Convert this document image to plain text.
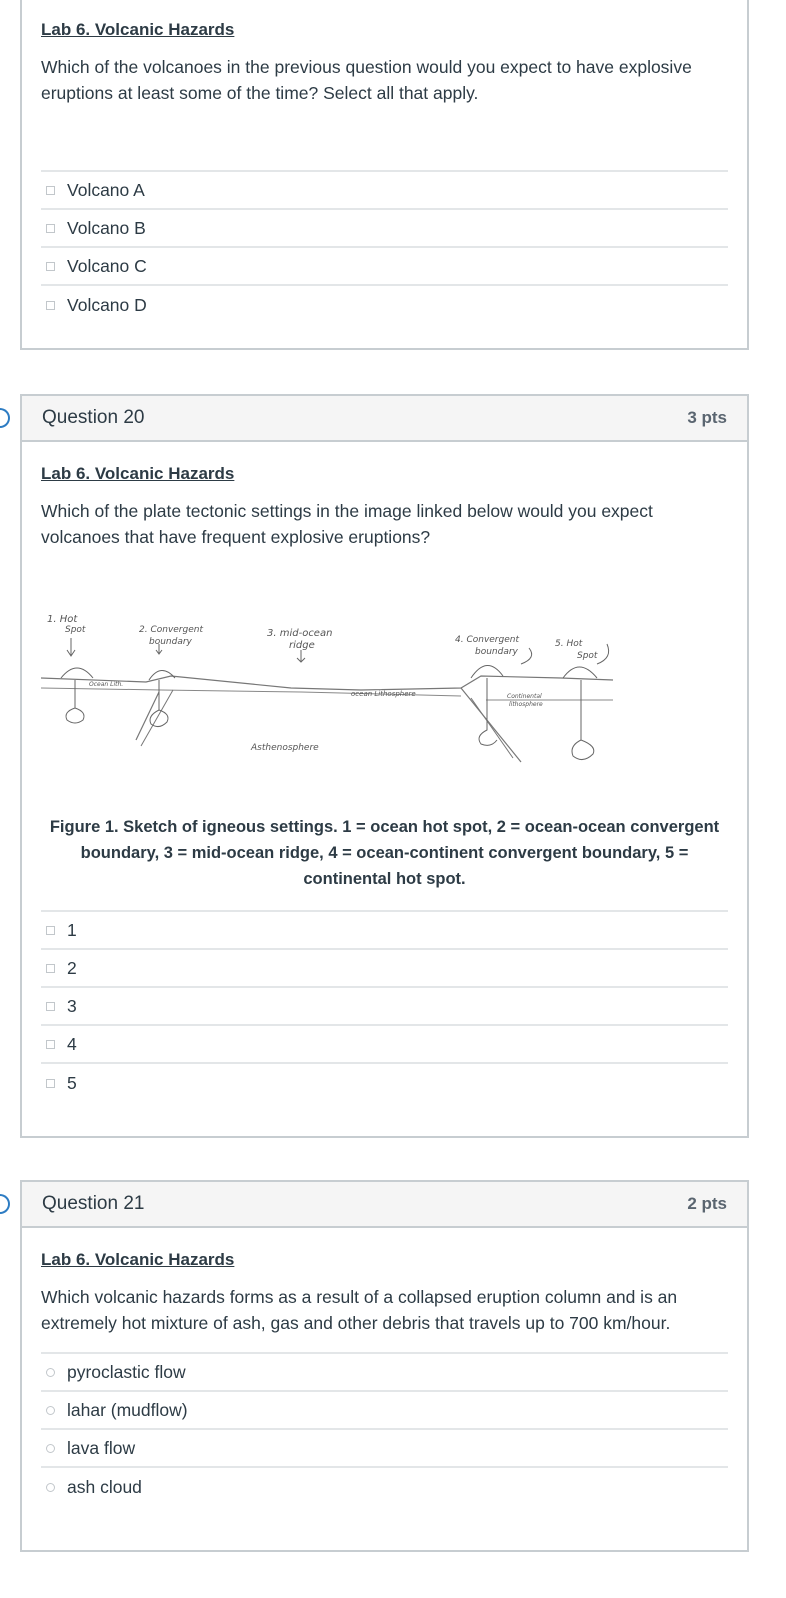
Lab 6. Volcanic Hazards
Which of the volcanoes in the previous question would you expect to have explosive eruptions at least some of the time? Select all that apply.
Volcano A
Volcano B
Volcano C
Volcano D
Question 20	3 pts
Lab 6. Volcanic Hazards
Which of the plate tectonic settings in the image linked below would you expect volcanoes that have frequent explosive eruptions?
1. Hot
Spot	2. Convergent
boundary
3. mid-ocean
ridge	4. Convergent
boundary
5. Hot
Spot
Ocean Lith.
ocean Lithosphere	Continental
lithosphere
Asthenosphere
Figure 1. Sketch of igneous settings. 1 = ocean hot spot, 2 = ocean-ocean convergent boundary, 3 = mid-ocean ridge, 4 = ocean-continent convergent boundary, 5 = continental hot spot.
1
2
3
4
5
Question 21	2 pts
Lab 6. Volcanic Hazards
Which volcanic hazards forms as a result of a collapsed eruption column and is an extremely hot mixture of ash, gas and other debris that travels up to 700 km/hour.
pyroclastic flow
lahar (mudflow)
lava flow
ash cloud
